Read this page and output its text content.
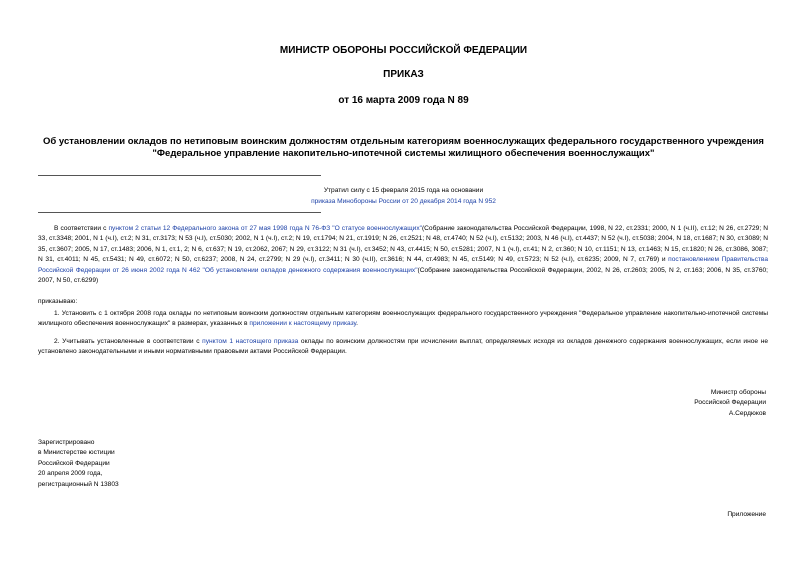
МИНИСТР ОБОРОНЫ РОССИЙСКОЙ ФЕДЕРАЦИИ
ПРИКАЗ
от 16 марта 2009 года N 89
Об установлении окладов по нетиповым воинским должностям отдельным категориям военнослужащих федерального государственного учреждения
"Федеральное управление накопительно-ипотечной системы жилищного обеспечения военнослужащих"
Утратил силу с 15 февраля 2015 года на основании
приказа Минобороны России от 20 декабря 2014 года N 952
В соответствии с пунктом 2 статьи 12 Федерального закона от 27 мая 1998 года N 76-ФЗ "О статусе военнослужащих"(Собрание законодательства Российской Федерации, 1998, N 22, ст.2331; 2000, N 1 (ч.II), ст.12; N 26, ст.2729; N 33, ст.3348; 2001, N 1 (ч.I), ст.2; N 31, ст.3173; N 53 (ч.I), ст.5030; 2002, N 1 (ч.I), ст.2; N 19, ст.1794; N 21, ст.1919; N 26, ст.2521; N 48, ст.4740; N 52 (ч.I), ст.5132; 2003, N 46 (ч.I), ст.4437; N 52 (ч.I), ст.5038; 2004, N 18, ст.1687; N 30, ст.3089; N 35, ст.3607; 2005, N 17, ст.1483; 2006, N 1, ст.1, 2; N 6, ст.637; N 19, ст.2062, 2067; N 29, ст.3122; N 31 (ч.I), ст.3452; N 43, ст.4415; N 50, ст.5281; 2007, N 1 (ч.I), ст.41; N 2, ст.360; N 10, ст.1151; N 13, ст.1463; N 15, ст.1820; N 26, ст.3086, 3087; N 31, ст.4011; N 45, ст.5431; N 49, ст.6072; N 50, ст.6237; 2008, N 24, ст.2799; N 29 (ч.I), ст.3411; N 30 (ч.II), ст.3616; N 44, ст.4983; N 45, ст.5149; N 49, ст.5723; N 52 (ч.I), ст.6235; 2009, N 7, ст.769) и постановлением Правительства Российской Федерации от 26 июня 2002 года N 462 "Об установлении окладов денежного содержания военнослужащих"(Собрание законодательства Российской Федерации, 2002, N 26, ст.2603; 2005, N 2, ст.163; 2006, N 35, ст.3760; 2007, N 50, ст.6299)
приказываю:
1. Установить с 1 октября 2008 года оклады по нетиповым воинским должностям отдельным категориям военнослужащих федерального государственного учреждения "Федеральное управление накопительно-ипотечной системы жилищного обеспечения военнослужащих" в размерах, указанных в приложении к настоящему приказу.
2. Учитывать установленные в соответствии с пунктом 1 настоящего приказа оклады по воинским должностям при исчислении выплат, определяемых исходя из окладов денежного содержания военнослужащих, если иное не установлено законодательными и иными нормативными правовыми актами Российской Федерации.
Министр обороны
Российской Федерации
А.Сердюков
Зарегистрировано
в Министерстве юстиции
Российской Федерации
20 апреля 2009 года,
регистрационный N 13803
Приложение
